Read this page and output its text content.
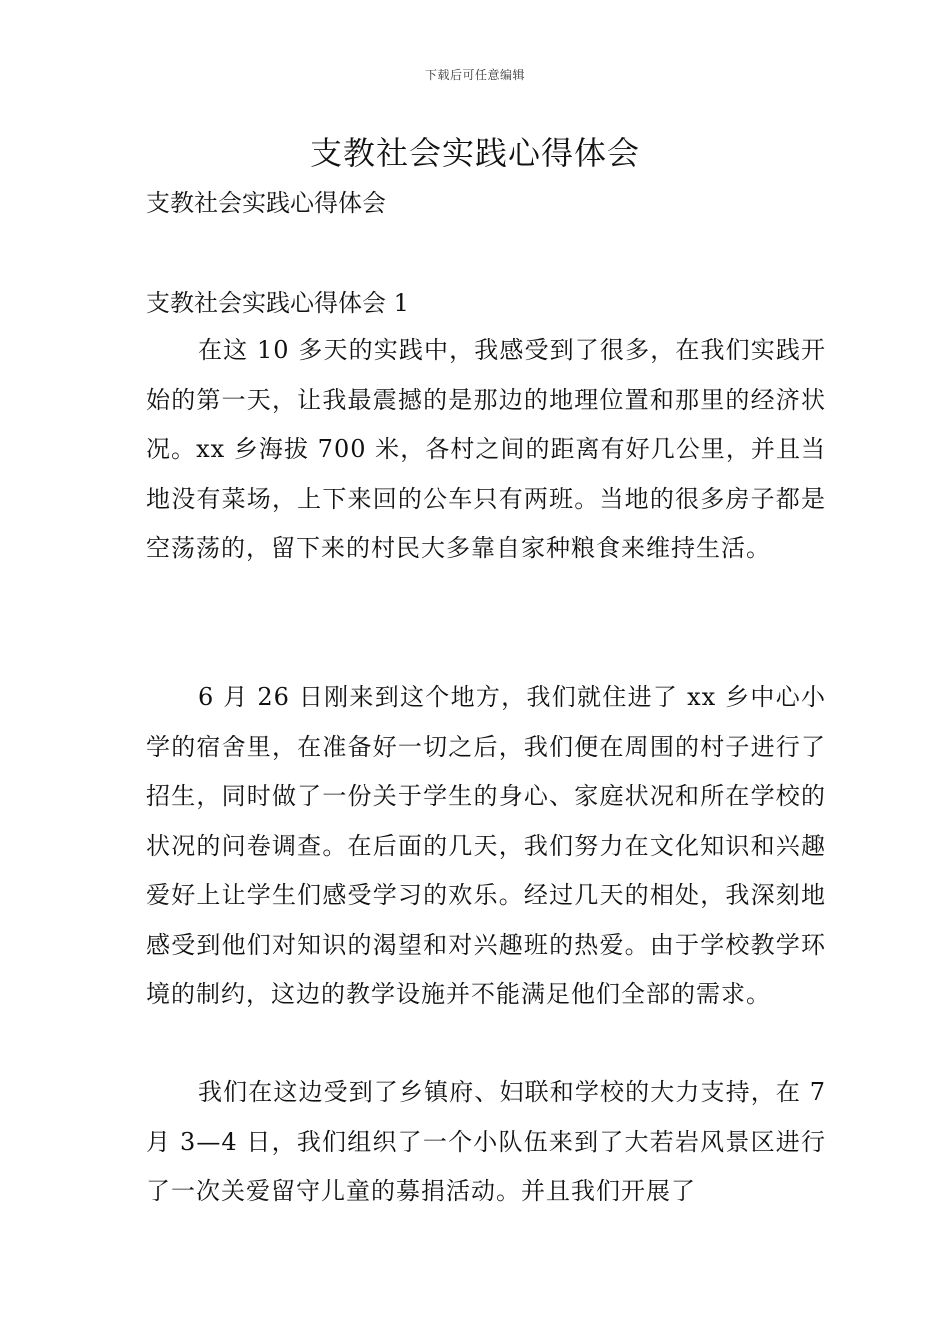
下载后可任意编辑
支教社会实践心得体会

支教社会实践心得体会

支教社会实践心得体会 1

在这 10 多天的实践中，我感受到了很多，在我们实践开始的第一天，让我最震撼的是那边的地理位置和那里的经济状况。xx 乡海拔 700 米，各村之间的距离有好几公里，并且当地没有菜场，上下来回的公车只有两班。当地的很多房子都是空荡荡的，留下来的村民大多靠自家种粮食来维持生活。

6 月 26 日刚来到这个地方，我们就住进了 xx 乡中心小学的宿舍里，在准备好一切之后，我们便在周围的村子进行了招生，同时做了一份关于学生的身心、家庭状况和所在学校的状况的问卷调查。在后面的几天，我们努力在文化知识和兴趣爱好上让学生们感受学习的欢乐。经过几天的相处，我深刻地感受到他们对知识的渴望和对兴趣班的热爱。由于学校教学环境的制约，这边的教学设施并不能满足他们全部的需求。

我们在这边受到了乡镇府、妇联和学校的大力支持，在 7 月 3—4 日，我们组织了一个小队伍来到了大若岩风景区进行了一次关爱留守儿童的募捐活动。并且我们开展了
